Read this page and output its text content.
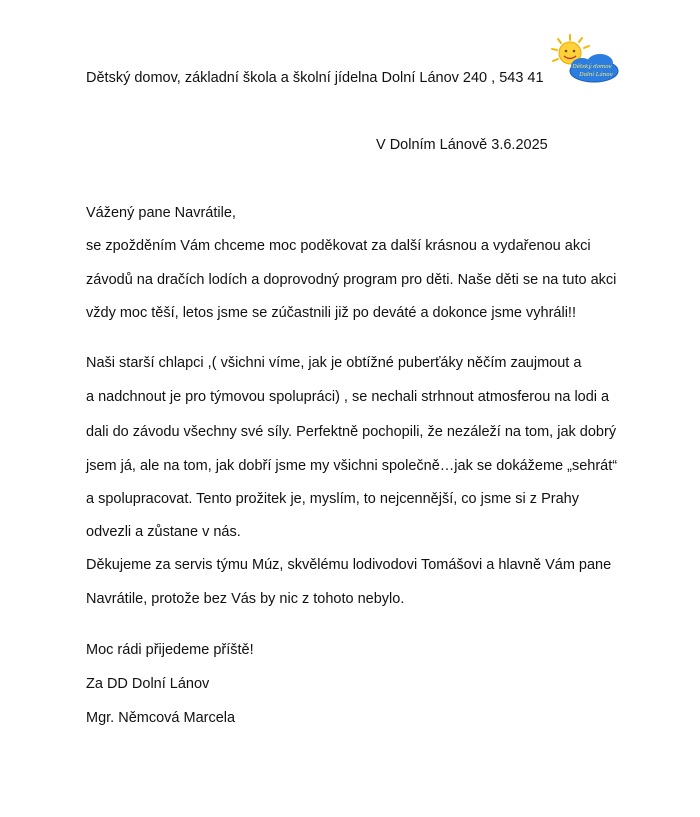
Dětský domov, základní škola a školní jídelna Dolní Lánov 240 , 543 41
Dětský domov
Dolní Lánov
V Dolním Lánově 3.6.2025
Vážený pane Navrátile,
se zpožděním Vám chceme moc poděkovat za další krásnou a vydařenou akci
závodů na dračích lodích a doprovodný program pro děti. Naše děti se na tuto akci
vždy moc těší, letos jsme se zúčastnili již po deváté a dokonce jsme vyhráli!!
Naši starší chlapci ,( všichni víme, jak je obtížné puberťáky něčím zaujmout a
a nadchnout je pro týmovou spolupráci) , se nechali strhnout atmosferou na lodi a
dali do závodu všechny své síly. Perfektně pochopili, že nezáleží na tom, jak dobrý
jsem já, ale na tom, jak dobří jsme my všichni společně…jak se dokážeme „sehrát“
a spolupracovat. Tento prožitek je, myslím, to nejcennější, co jsme si z Prahy
odvezli a zůstane v nás.
Děkujeme za servis týmu Múz, skvělému lodivodovi Tomášovi a hlavně Vám pane
Navrátile, protože bez Vás by nic z tohoto nebylo.
Moc rádi přijedeme příště!
Za DD Dolní Lánov
Mgr. Němcová Marcela
